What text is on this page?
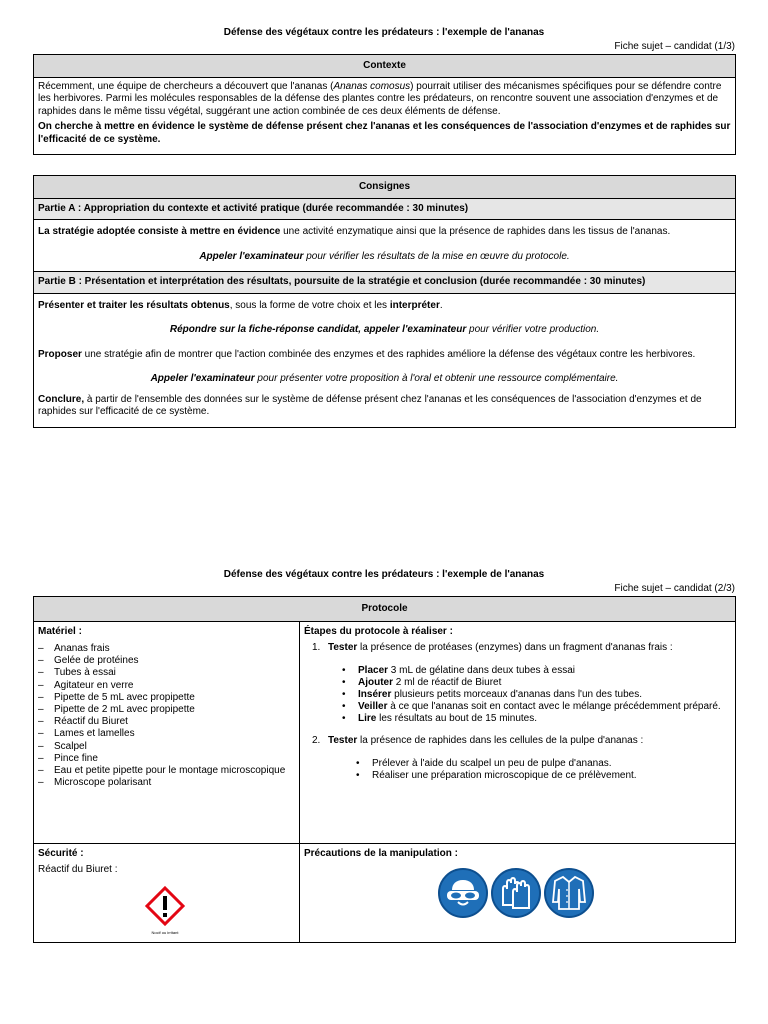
Défense des végétaux contre les prédateurs : l'exemple de l'ananas
Fiche sujet – candidat (1/3)
Contexte

Récemment, une équipe de chercheurs a découvert que l'ananas (Ananas comosus) pourrait utiliser des mécanismes spécifiques pour se défendre contre les herbivores. Parmi les molécules responsables de la défense des plantes contre les prédateurs, on rencontre souvent une association d'enzymes et de raphides dans le même tissu végétal, suggérant une action combinée de ces deux éléments de défense.

On cherche à mettre en évidence le système de défense présent chez l'ananas et les conséquences de l'association d'enzymes et de raphides sur l'efficacité de ce système.

Consignes
Partie A : Appropriation du contexte et activité pratique (durée recommandée : 30 minutes)

La stratégie adoptée consiste à mettre en évidence une activité enzymatique ainsi que la présence de raphides dans les tissus de l'ananas.

Appeler l'examinateur pour vérifier les résultats de la mise en œuvre du protocole.

Partie B : Présentation et interprétation des résultats, poursuite de la stratégie et conclusion (durée recommandée : 30 minutes)

Présenter et traiter les résultats obtenus, sous la forme de votre choix et les interpréter.

Répondre sur la fiche-réponse candidat, appeler l'examinateur pour vérifier votre production.

Proposer une stratégie afin de montrer que l'action combinée des enzymes et des raphides améliore la défense des végétaux contre les herbivores.

Appeler l'examinateur pour présenter votre proposition à l'oral et obtenir une ressource complémentaire.

Conclure, à partir de l'ensemble des données sur le système de défense présent chez l'ananas et les conséquences de l'association d'enzymes et de raphides sur l'efficacité de ce système.

Défense des végétaux contre les prédateurs : l'exemple de l'ananas
Fiche sujet – candidat (2/3)
Protocole
Matériel :
– Ananas frais
– Gelée de protéines
– Tubes à essai
– Agitateur en verre
– Pipette de 5 mL avec propipette
– Pipette de 2 mL avec propipette
– Réactif du Biuret
– Lames et lamelles
– Scalpel
– Pince fine
– Eau et petite pipette pour le montage microscopique
– Microscope polarisant
Étapes du protocole à réaliser :
1. Tester la présence de protéases (enzymes) dans un fragment d'ananas frais :
• Placer 3 mL de gélatine dans deux tubes à essai
• Ajouter 2 ml de réactif de Biuret
• Insérer plusieurs petits morceaux d'ananas dans l'un des tubes.
• Veiller à ce que l'ananas soit en contact avec le mélange précédemment préparé.
• Lire les résultats au bout de 15 minutes.
2. Tester la présence de raphides dans les cellules de la pulpe d'ananas :
• Prélever à l'aide du scalpel un peu de pulpe d'ananas.
• Réaliser une préparation microscopique de ce prélèvement.
Sécurité :
Réactif du Biuret :
Nocif ou irritant
Précautions de la manipulation :
